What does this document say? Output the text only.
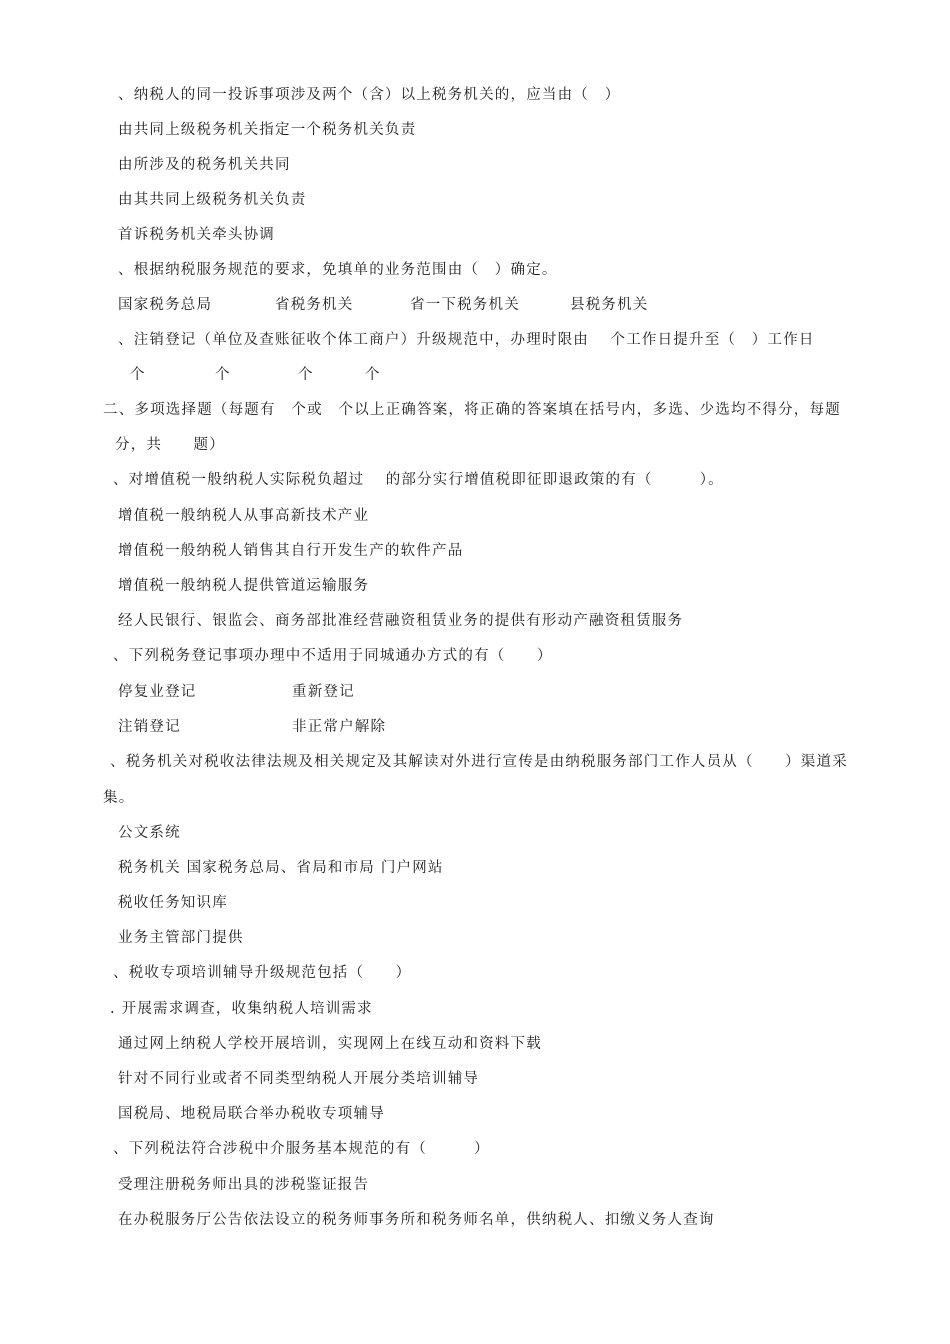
、纳税人的同一投诉事项涉及两个（含）以上税务机关的，应当由（　）
由共同上级税务机关指定一个税务机关负责
由所涉及的税务机关共同
由其共同上级税务机关负责
首诉税务机关牵头协调
、根据纳税服务规范的要求，免填单的业务范围由（　）确定。
国家税务总局	省税务机关	省一下税务机关	县税务机关
、注销登记（单位及查账征收个体工商户）升级规范中，办理时限由　 个工作日提升至（　）工作日
个	个	个	个
二、多项选择题（每题有　个或　个以上正确答案，将正确的答案填在括号内，多选、少选均不得分，每题
分，共　　题）
、对增值税一般纳税人实际税负超过　 的部分实行增值税即征即退政策的有（　　　）。
增值税一般纳税人从事高新技术产业
增值税一般纳税人销售其自行开发生产的软件产品
增值税一般纳税人提供管道运输服务
经人民银行、银监会、商务部批准经营融资租赁业务的提供有形动产融资租赁服务
、下列税务登记事项办理中不适用于同城通办方式的有（　　）
停复业登记	重新登记
注销登记	非正常户解除
、税务机关对税收法律法规及相关规定及其解读对外进行宣传是由纳税服务部门工作人员从（　　）渠道采
集。
公文系统
税务机关 国家税务总局、省局和市局 门户网站
税收任务知识库
业务主管部门提供
、税收专项培训辅导升级规范包括（　　）
. 开展需求调查，收集纳税人培训需求
通过网上纳税人学校开展培训，实现网上在线互动和资料下载
针对不同行业或者不同类型纳税人开展分类培训辅导
国税局、地税局联合举办税收专项辅导
、下列税法符合涉税中介服务基本规范的有（　　　）
受理注册税务师出具的涉税鉴证报告
在办税服务厅公告依法设立的税务师事务所和税务师名单，供纳税人、扣缴义务人查询
